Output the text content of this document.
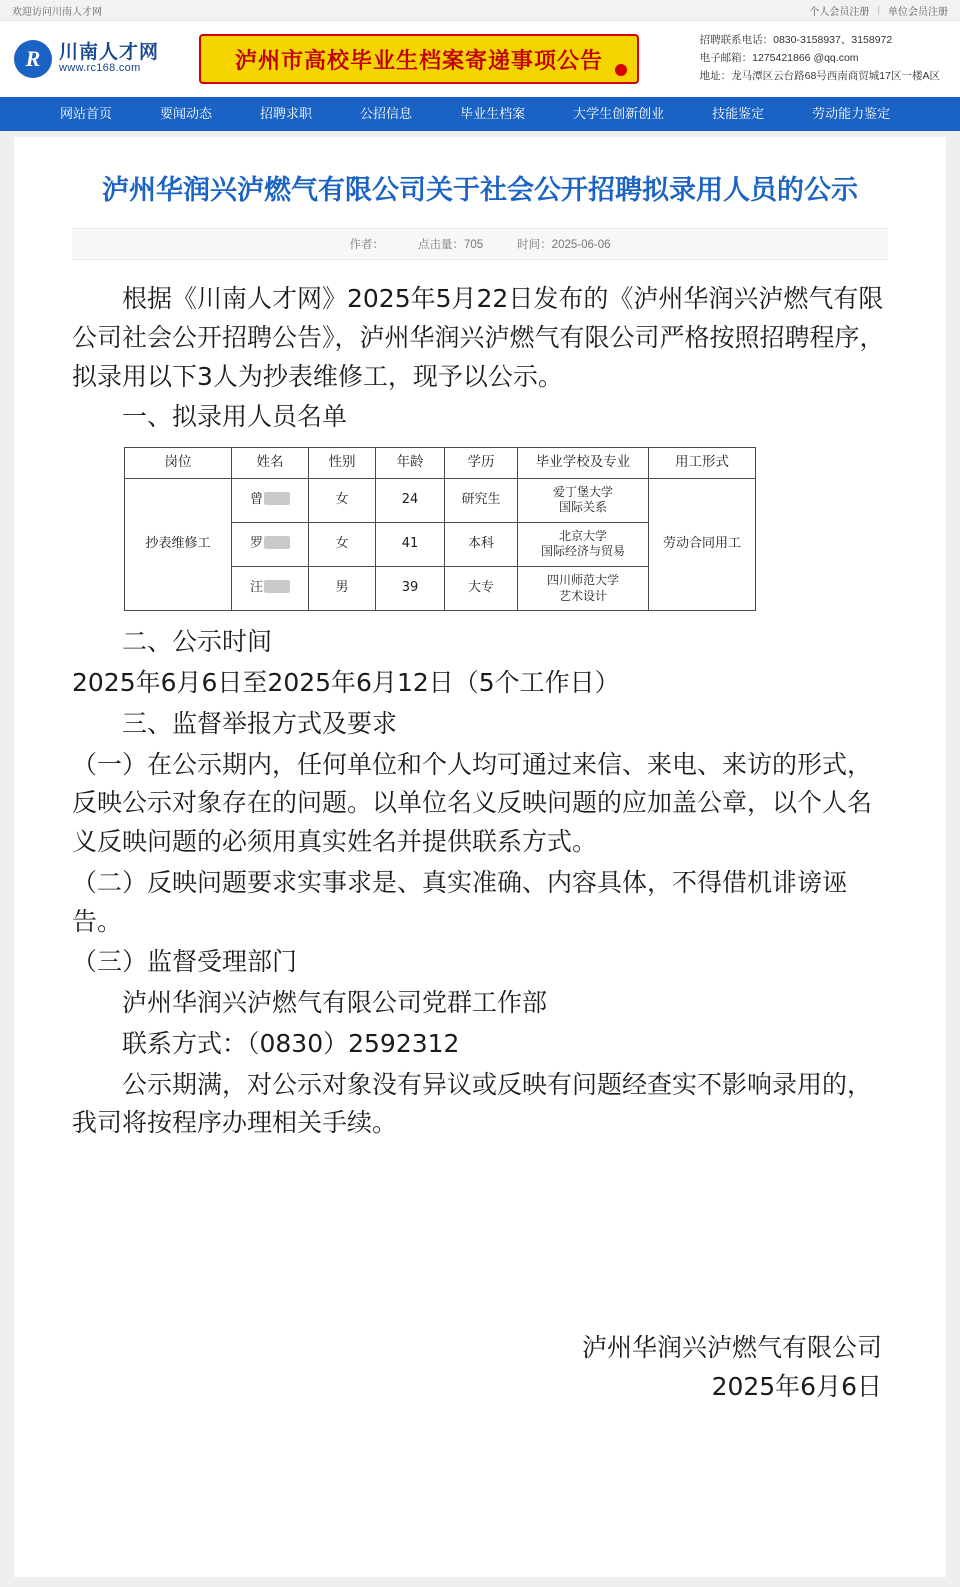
欢迎访问川南人才网	个人会员注册 | 单位会员注册
R
川南人才网
www.rc168.com	泸州市高校毕业生档案寄递事项公告
招聘联系电话：0830-3158937、3158972
电子邮箱：1275421866 @qq.com
地址：龙马潭区云台路68号西南商贸城17区一楼A区
网站首页	要闻动态	招聘求职	公招信息	毕业生档案	大学生创新创业	技能鉴定	劳动能力鉴定
泸州华润兴泸燃气有限公司关于社会公开招聘拟录用人员的公示
作者：	点击量：705	时间：2025-06-06

根据《川南人才网》2025年5月22日发布的《泸州华润兴泸燃气有限公司社会公开招聘公告》，泸州华润兴泸燃气有限公司严格按照招聘程序，拟录用以下3人为抄表维修工，现予以公示。

一、拟录用人员名单

岗位	姓名	性别	年龄	学历	毕业学校及专业	用工形式
抄表维修工	曾	女	24	研究生	爱丁堡大学
国际关系	劳动合同用工
	罗	女	41	本科	北京大学
国际经济与贸易	

	汪	男	39	大专	四川师范大学
艺术设计	

二、公示时间

2025年6月6日至2025年6月12日（5个工作日）

三、监督举报方式及要求

（一）在公示期内，任何单位和个人均可通过来信、来电、来访的形式，反映公示对象存在的问题。以单位名义反映问题的应加盖公章，以个人名义反映问题的必须用真实姓名并提供联系方式。

（二）反映问题要求实事求是、真实准确、内容具体，不得借机诽谤诬告。

（三）监督受理部门

泸州华润兴泸燃气有限公司党群工作部

联系方式：（0830）2592312

公示期满，对公示对象没有异议或反映有问题经查实不影响录用的，我司将按程序办理相关手续。

泸州华润兴泸燃气有限公司
2025年6月6日
